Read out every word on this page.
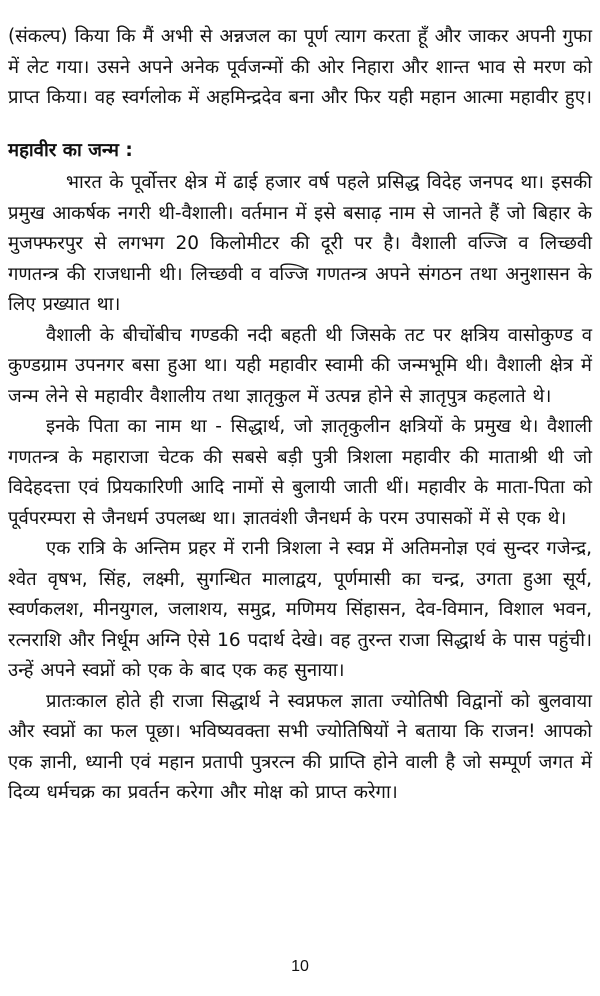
(संकल्प) किया कि मैं अभी से अन्नजल का पूर्ण त्याग करता हूँ और जाकर अपनी गुफा में लेट गया। उसने अपने अनेक पूर्वजन्मों की ओर निहारा और शान्त भाव से मरण को प्राप्त किया। वह स्वर्गलोक में अहमिन्द्रदेव बना और फिर यही महान आत्मा महावीर हुए।

महावीर का जन्म :

भारत के पूर्वोत्तर क्षेत्र में ढाई हजार वर्ष पहले प्रसिद्ध विदेह जनपद था। इसकी प्रमुख आकर्षक नगरी थी-वैशाली। वर्तमान में इसे बसाढ़ नाम से जानते हैं जो बिहार के मुजफ्फरपुर से लगभग 20 किलोमीटर की दूरी पर है। वैशाली वज्जि व लिच्छवी गणतन्त्र की राजधानी थी। लिच्छवी व वज्जि गणतन्त्र अपने संगठन तथा अनुशासन के लिए प्रख्यात था।

वैशाली के बीचोंबीच गण्डकी नदी बहती थी जिसके तट पर क्षत्रिय वासोकुण्ड व कुण्डग्राम उपनगर बसा हुआ था। यही महावीर स्वामी की जन्मभूमि थी। वैशाली क्षेत्र में जन्म लेने से महावीर वैशालीय तथा ज्ञातृकुल में उत्पन्न होने से ज्ञातृपुत्र कहलाते थे।

इनके पिता का नाम था - सिद्धार्थ, जो ज्ञातृकुलीन क्षत्रियों के प्रमुख थे। वैशाली गणतन्त्र के महाराजा चेटक की सबसे बड़ी पुत्री त्रिशला महावीर की माताश्री थी जो विदेहदत्ता एवं प्रियकारिणी आदि नामों से बुलायी जाती थीं। महावीर के माता-पिता को पूर्वपरम्परा से जैनधर्म उपलब्ध था। ज्ञातवंशी जैनधर्म के परम उपासकों में से एक थे।

एक रात्रि के अन्तिम प्रहर में रानी त्रिशला ने स्वप्न में अतिमनोज्ञ एवं सुन्दर गजेन्द्र, श्वेत वृषभ, सिंह, लक्ष्मी, सुगन्धित मालाद्वय, पूर्णमासी का चन्द्र, उगता हुआ सूर्य, स्वर्णकलश, मीनयुगल, जलाशय, समुद्र, मणिमय सिंहासन, देव-विमान, विशाल भवन, रत्नराशि और निर्धूम अग्नि ऐसे 16 पदार्थ देखे। वह तुरन्त राजा सिद्धार्थ के पास पहुंची। उन्हें अपने स्वप्नों को एक के बाद एक कह सुनाया।

प्रातःकाल होते ही राजा सिद्धार्थ ने स्वप्नफल ज्ञाता ज्योतिषी विद्वानों को बुलवाया और स्वप्नों का फल पूछा। भविष्यवक्ता सभी ज्योतिषियों ने बताया कि राजन! आपको एक ज्ञानी, ध्यानी एवं महान प्रतापी पुत्ररत्न की प्राप्ति होने वाली है जो सम्पूर्ण जगत में दिव्य धर्मचक्र का प्रवर्तन करेगा और मोक्ष को प्राप्त करेगा।

10
